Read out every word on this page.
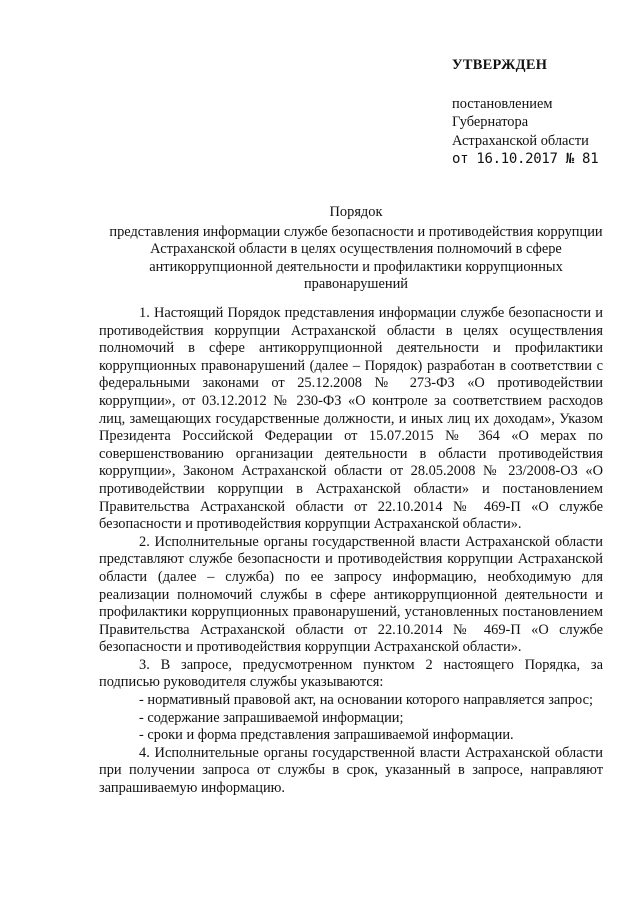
УТВЕРЖДЕН
постановлением
Губернатора
Астраханской области
от 16.10.2017 № 81
Порядок
представления информации службе безопасности и противодействия коррупции Астраханской области в целях осуществления полномочий в сфере антикоррупционной деятельности и профилактики коррупционных правонарушений

1. Настоящий Порядок представления информации службе безопасности и противодействия коррупции Астраханской области в целях осуществления полномочий в сфере антикоррупционной деятельности и профилактики коррупционных правонарушений (далее – Порядок) разработан в соответствии с федеральными законами от 25.12.2008 № 273-ФЗ «О противодействии коррупции», от 03.12.2012 № 230-ФЗ «О контроле за соответствием расходов лиц, замещающих государственные должности, и иных лиц их доходам», Указом Президента Российской Федерации от 15.07.2015 № 364 «О мерах по совершенствованию организации деятельности в области противодействия коррупции», Законом Астраханской области от 28.05.2008 № 23/2008-ОЗ «О противодействии коррупции в Астраханской области» и постановлением Правительства Астраханской области от 22.10.2014 № 469-П «О службе безопасности и противодействия коррупции Астраханской области».

2. Исполнительные органы государственной власти Астраханской области представляют службе безопасности и противодействия коррупции Астраханской области (далее – служба) по ее запросу информацию, необходимую для реализации полномочий службы в сфере антикоррупционной деятельности и профилактики коррупционных правонарушений, установленных постановлением Правительства Астраханской области от 22.10.2014 № 469-П «О службе безопасности и противодействия коррупции Астраханской области».

3. В запросе, предусмотренном пунктом 2 настоящего Порядка, за подписью руководителя службы указываются:

- нормативный правовой акт, на основании которого направляется запрос;

- содержание запрашиваемой информации;

- сроки и форма представления запрашиваемой информации.

4. Исполнительные органы государственной власти Астраханской области при получении запроса от службы в срок, указанный в запросе, направляют запрашиваемую информацию.
